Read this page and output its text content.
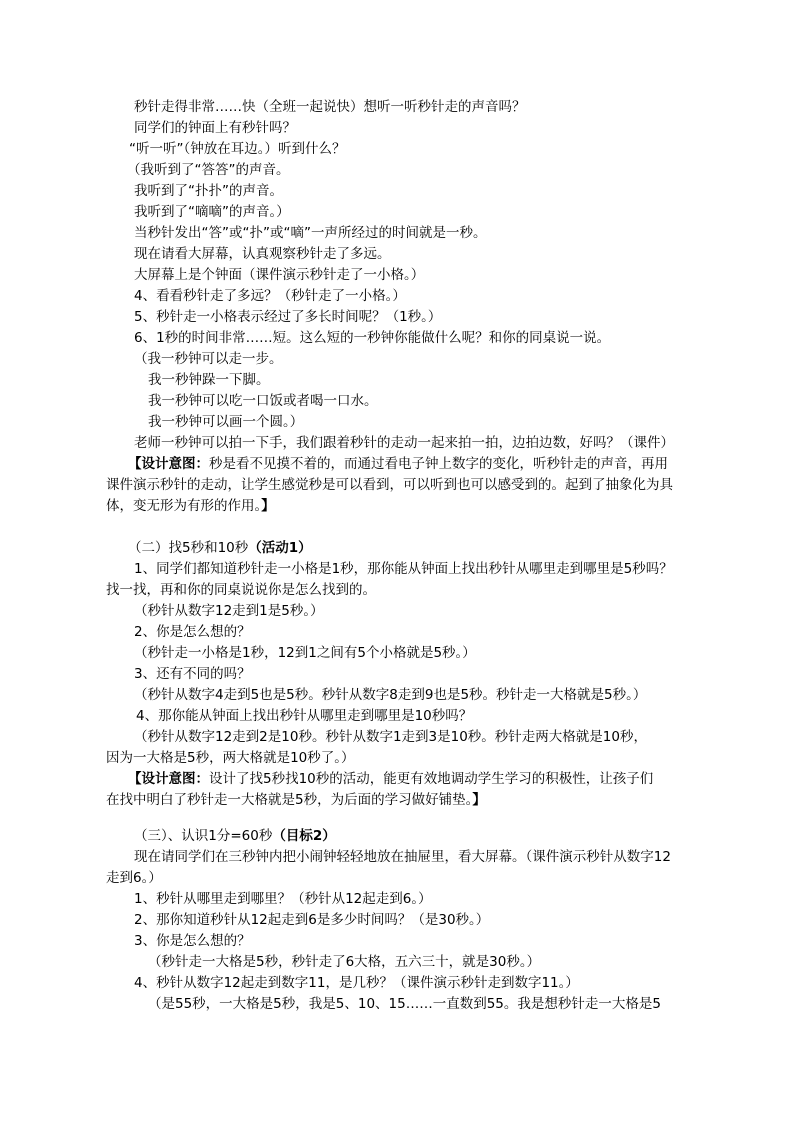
秒针走得非常……快（全班一起说快）想听一听秒针走的声音吗？
同学们的钟面上有秒针吗？
“听一听”（钟放在耳边。）听到什么？
（我听到了“答答”的声音。
我听到了“扑扑”的声音。
我听到了“嘀嘀”的声音。）
当秒针发出“答”或“扑”或“嘀”一声所经过的时间就是一秒。
现在请看大屏幕，认真观察秒针走了多远。
大屏幕上是个钟面（课件演示秒针走了一小格。）
4、看看秒针走了多远？（秒针走了一小格。）
5、秒针走一小格表示经过了多长时间呢？（1秒。）
6、1秒的时间非常……短。这么短的一秒钟你能做什么呢？和你的同桌说一说。
（我一秒钟可以走一步。
我一秒钟跺一下脚。
我一秒钟可以吃一口饭或者喝一口水。
我一秒钟可以画一个圆。）
老师一秒钟可以拍一下手，我们跟着秒针的走动一起来拍一拍，边拍边数，好吗？（课件）
【设计意图：秒是看不见摸不着的，而通过看电子钟上数字的变化，听秒针走的声音，再用
课件演示秒针的走动，让学生感觉秒是可以看到，可以听到也可以感受到的。起到了抽象化为具
体，变无形为有形的作用。】
（二）找5秒和10秒（活动1）
1、同学们都知道秒针走一小格是1秒，那你能从钟面上找出秒针从哪里走到哪里是5秒吗？
找一找，再和你的同桌说说你是怎么找到的。
（秒针从数字12走到1是5秒。）
2、你是怎么想的？
（秒针走一小格是1秒，12到1之间有5个小格就是5秒。）
3、还有不同的吗？
（秒针从数字4走到5也是5秒。秒针从数字8走到9也是5秒。秒针走一大格就是5秒。）
4、那你能从钟面上找出秒针从哪里走到哪里是10秒吗？
（秒针从数字12走到2是10秒。秒针从数字1走到3是10秒。秒针走两大格就是10秒，
因为一大格是5秒，两大格就是10秒了。）
【设计意图：设计了找5秒找10秒的活动，能更有效地调动学生学习的积极性，让孩子们
在找中明白了秒针走一大格就是5秒，为后面的学习做好铺垫。】
（三）、认识1分=60秒（目标2）
现在请同学们在三秒钟内把小闹钟轻轻地放在抽屉里，看大屏幕。（课件演示秒针从数字12
走到6。）
1、秒针从哪里走到哪里？（秒针从12起走到6。）
2、那你知道秒针从12起走到6是多少时间吗？（是30秒。）
3、你是怎么想的？
（秒针走一大格是5秒，秒针走了6大格，五六三十，就是30秒。）
4、秒针从数字12起走到数字11，是几秒？（课件演示秒针走到数字11。）
（是55秒，一大格是5秒，我是5、10、15……一直数到55。我是想秒针走一大格是5
